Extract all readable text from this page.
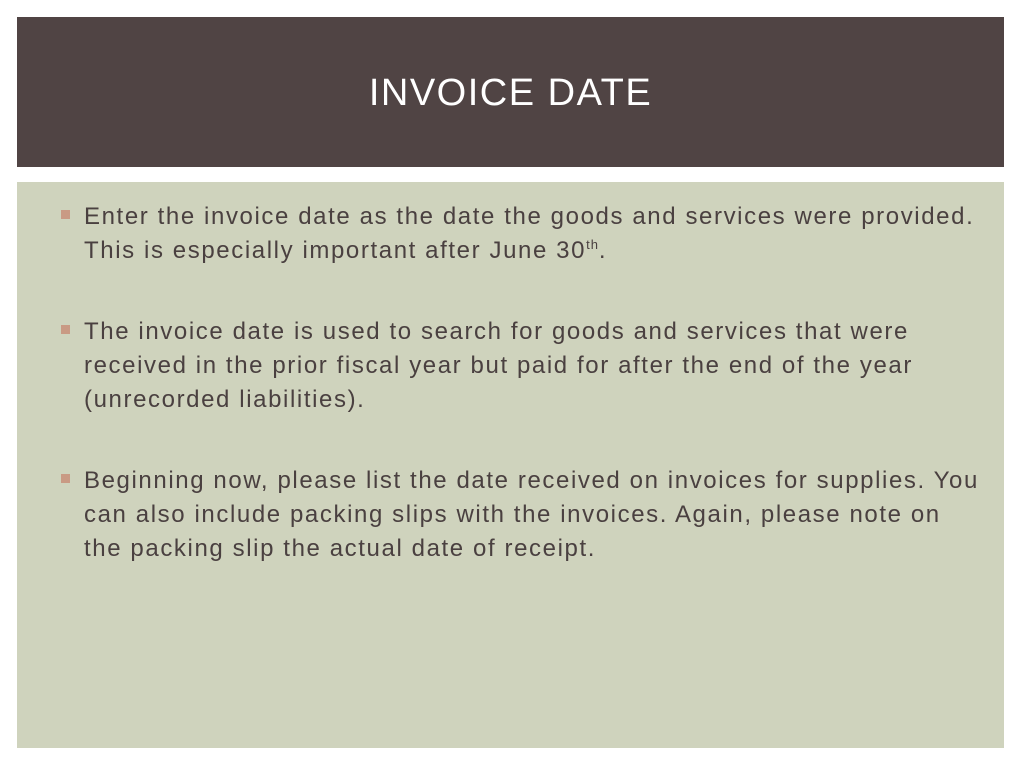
INVOICE DATE
Enter the invoice date as the date the goods and services were provided. This is especially important after June 30th.
The invoice date is used to search for goods and services that were received in the prior fiscal year but paid for after the end of the year (unrecorded liabilities).
Beginning now, please list the date received on invoices for supplies. You can also include packing slips with the invoices. Again, please note on the packing slip the actual date of receipt.
